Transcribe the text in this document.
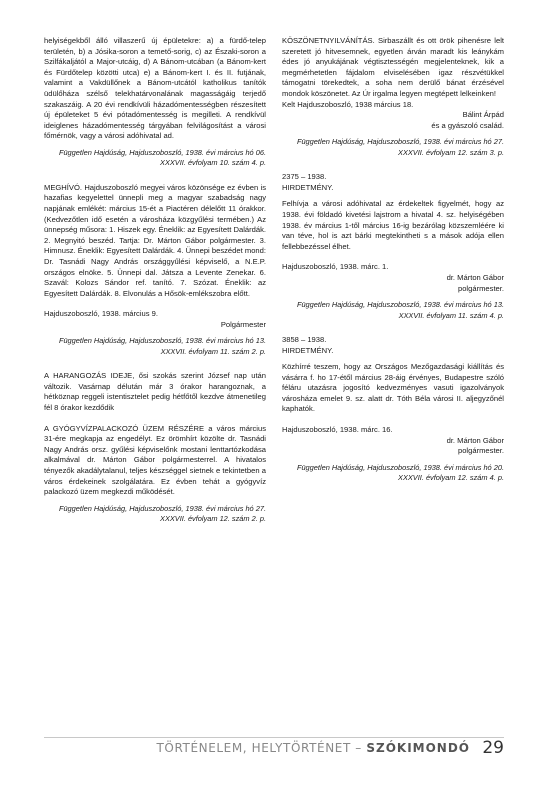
helyiségekből álló villaszerű új épületekre: a) a fürdő-telep területén, b) a Jósika-soron a temető-sorig, c) az Északi-soron a Szilfákaljától a Major-utcáig, d) A Bánom-utcában (a Bánom-kert és Fürdőtelep közötti utca) e) a Bánom-kert I. és II. futjának, valamint a Vakdüllőnek a Bánom-utcától katholikus tanítók üdülőháza szélső telekhatárvonalának magasságáig terjedő szakaszáig. A 20 évi rendkívüli házadómentességben részesített új épületeket 5 évi pótadómentesség is megilleti. A rendkívül ideiglenes házadómentesség tárgyában felvilágosítást a városi főmérnök, vagy a városi adóhivatal ad.

Független Hajdúság, Hajduszoboszló, 1938. évi március hó 06. XXXVII. évfolyam 10. szám 4. p.

MEGHÍVÓ. Hajduszoboszló megyei város közönsége ez évben is hazafias kegyelettel ünnepli meg a magyar szabadság nagy napjának emlékét: március 15-ét a Piactéren délelőtt 11 órakkor. (Kedvezőtlen idő esetén a városháza közgyűlési termében.) Az ünnepség műsora: 1. Hiszek egy. Éneklik: az Egyesített Dalárdák. 2. Megnyitó beszéd. Tartja: Dr. Márton Gábor polgármester. 3. Himnusz. Éneklik: Egyesített Dalárdák. 4. Ünnepi beszédet mond: Dr. Tasnádi Nagy András országgyűlési képviselő, a N.E.P. országos elnöke. 5. Ünnepi dal. Játsza a Levente Zenekar. 6. Szavál: Kolozs Sándor ref. tanító. 7. Szózat. Éneklik: az Egyesített Dalárdák. 8. Elvonulás a Hősök-emlékszobra előtt.

Hajduszoboszló, 1938. március 9.

Polgármester

Független Hajdúság, Hajduszoboszló, 1938. évi március hó 13. XXXVII. évfolyam 11. szám 2. p.

A HARANGOZÁS IDEJE, ősi szokás szerint József nap után változik. Vasárnap délután már 3 órakor harangoznak, a hétköznap reggeli istentisztelet pedig hétfőtől kezdve átmenetileg fél 8 órakor kezdődik

A GYÓGYVÍZPALACKOZÓ ÜZEM RÉSZÉRE a város március 31-ére megkapja az engedélyt. Ez örömhírt közölte dr. Tasnádi Nagy András orsz. gyűlési képviselőnk mostani lenttartózkodása alkalmával dr. Márton Gábor polgármesterrel. A hivatalos tényezők akadálytalanul, teljes készséggel sietnek e tekintetben a város érdekeinek szolgálatára. Ez évben tehát a gyógyvíz palackozó üzem megkezdi működését.

Független Hajdúság, Hajduszoboszló, 1938. évi március hó 27. XXXVII. évfolyam 12. szám 2. p.

KÖSZÖNETNYILVÁNÍTÁS. Sirbaszállt és ott örök pihenésre lelt szeretett jó hitvesemnek, egyetlen árván maradt kis leánykám édes jó anyukájának végtisztességén megjelenteknek, kik a megmérhetetlen fájdalom elviselésében igaz részvétükkel támogatni törekedtek, a soha nem derülő bánat érzésével mondok köszönetet. Az Úr irgalma legyen megtépett lelkeinken!

Kelt Hajduszoboszló, 1938 március 18.

Bálint Árpád

és a gyászoló család.

Független Hajdúság, Hajduszoboszló, 1938. évi március hó 27. XXXVII. évfolyam 12. szám 3. p.

2375 – 1938.

HIRDETMÉNY.

Felhívja a városi adóhivatal az érdekeltek figyelmét, hogy az 1938. évi földadó kivetési lajstrom a hivatal 4. sz. helyiségében 1938. év március 1-től március 16-ig bezárólag közszemléére ki van téve, hol is azt bárki megtekintheti s a mások adója ellen fellebbezéssel élhet.

Hajduszoboszló, 1938. márc. 1.

dr. Márton Gábor

polgármester.

Független Hajdúság, Hajduszoboszló, 1938. évi március hó 13. XXXVII. évfolyam 11. szám 4. p.

3858 – 1938.

HIRDETMÉNY.

Közhírré teszem, hogy az Országos Mezőgazdasági kiállítás és vásárra f. ho 17-étől március 28-áig érvényes, Budapestre szóló féláru utazásra jogosító kedvezményes vasuti igazolványok városháza emelet 9. sz. alatt dr. Tóth Béla városi II. aljegyzőnél kaphatók.

Hajduszoboszló, 1938. márc. 16.

dr. Márton Gábor

polgármester.

Független Hajdúság, Hajduszoboszló, 1938. évi március hó 20. XXXVII. évfolyam 12. szám 4. p.

TÖRTÉNELEM, HELYTÖRTÉNET – SZÓKIMONDÓ 29
